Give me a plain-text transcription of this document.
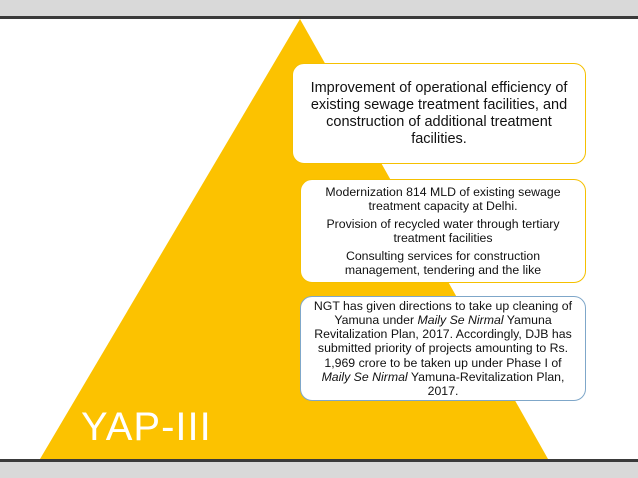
YAP-III
Improvement of operational efficiency of existing sewage treatment facilities, and construction of additional treatment facilities.

Modernization 814 MLD of existing sewage treatment capacity at Delhi.

Provision of recycled water through tertiary treatment facilities

Consulting services for construction management, tendering and the like

NGT has given directions to take up cleaning of Yamuna under Maily Se Nirmal Yamuna Revitalization Plan, 2017. Accordingly, DJB has submitted priority of projects amounting to Rs. 1,969 crore to be taken up under Phase I of Maily Se Nirmal Yamuna-Revitalization Plan, 2017.
